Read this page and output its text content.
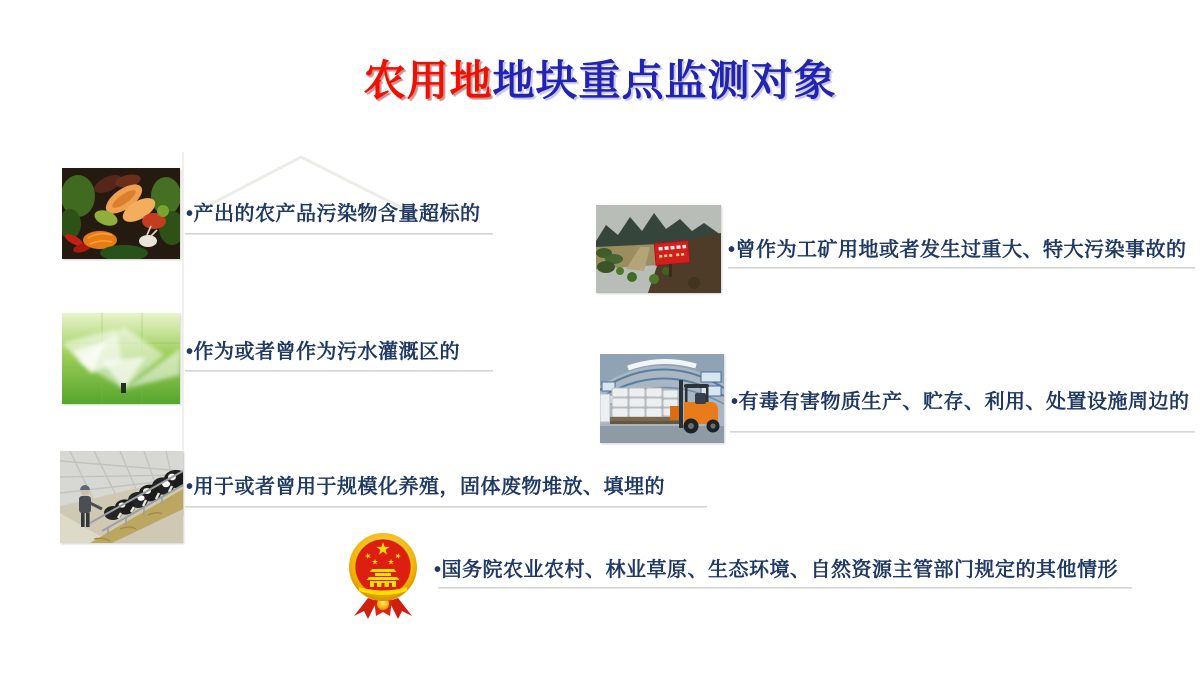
农用地地块重点监测对象
•产出的农产品污染物含量超标的
•作为或者曾作为污水灌溉区的
•用于或者曾用于规模化养殖，固体废物堆放、填埋的
•曾作为工矿用地或者发生过重大、特大污染事故的
•有毒有害物质生产、贮存、利用、处置设施周边的
•国务院农业农村、林业草原、生态环境、自然资源主管部门规定的其他情形
